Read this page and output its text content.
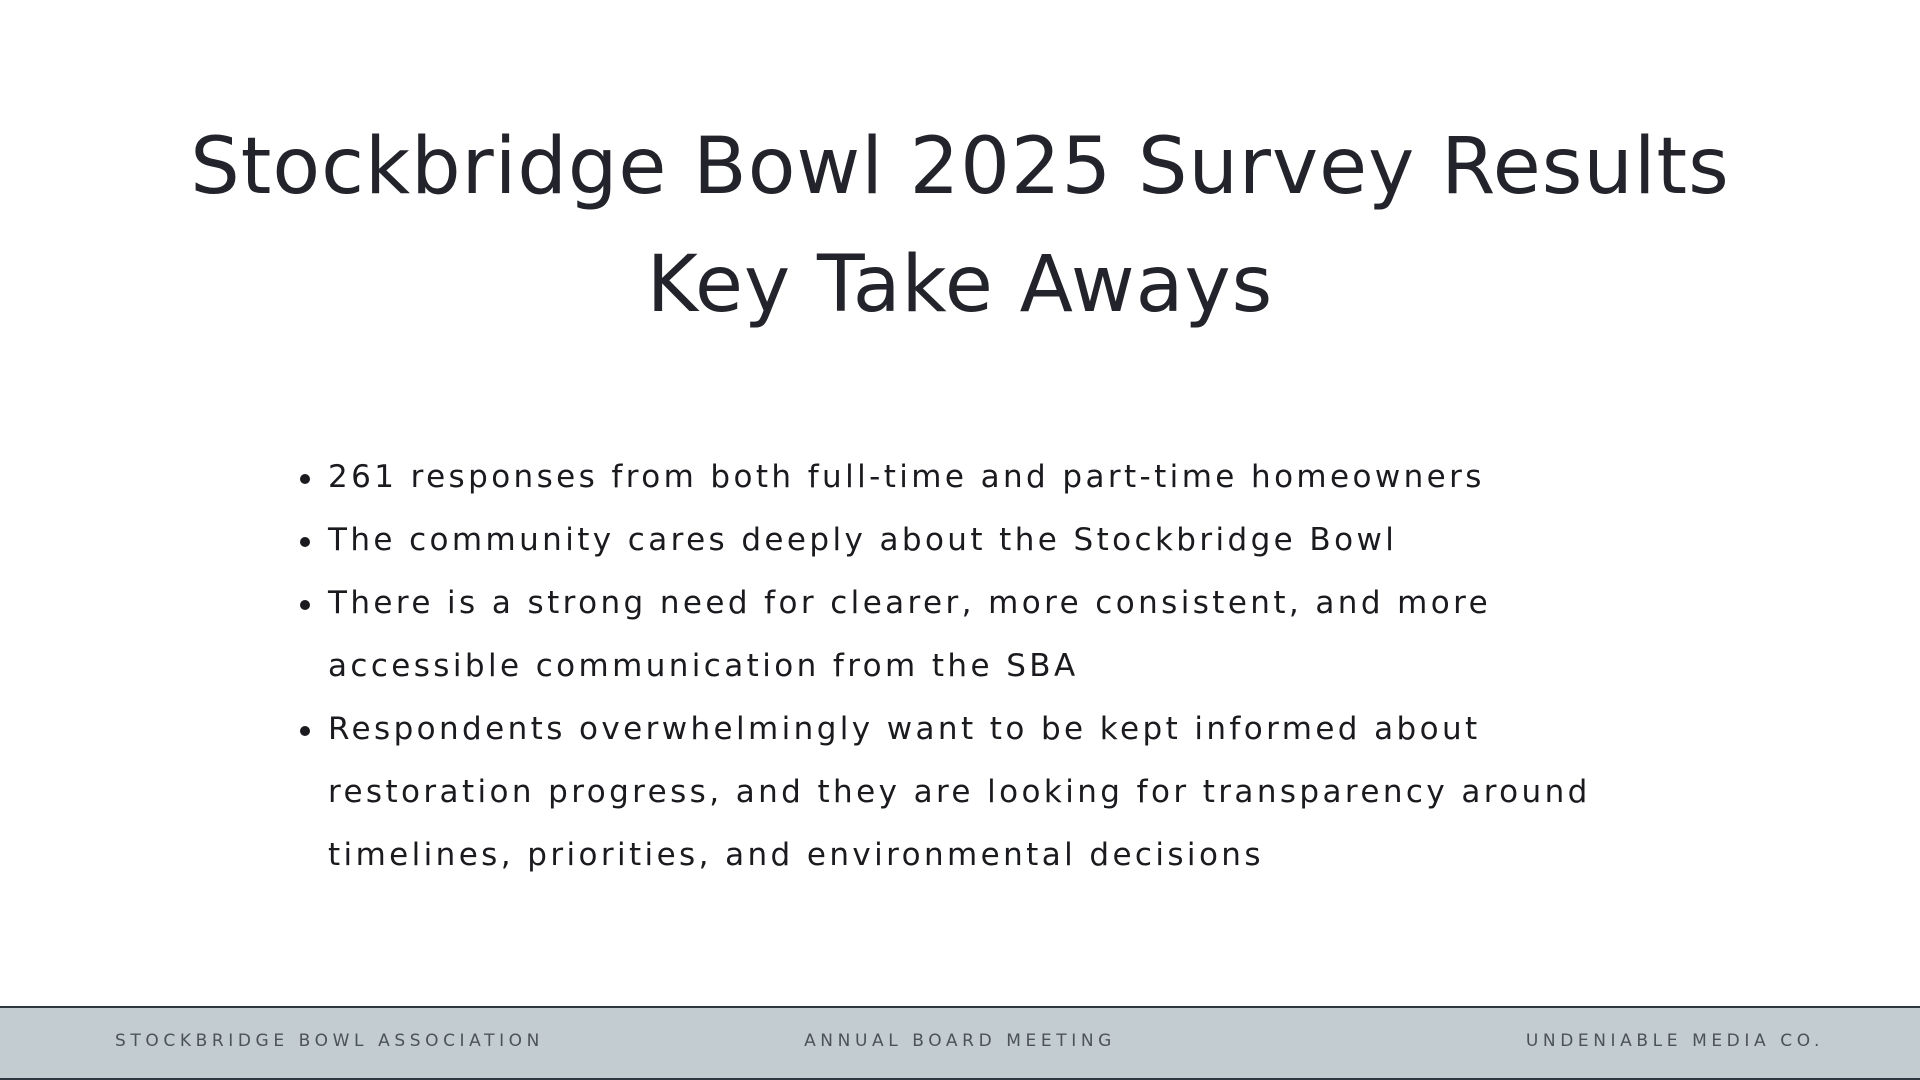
Stockbridge Bowl 2025 Survey Results
Key Take Aways
261 responses from both full-time and part-time homeowners
The community cares deeply about the Stockbridge Bowl
There is a strong need for clearer, more consistent, and more accessible communication from the SBA
Respondents overwhelmingly want to be kept informed about restoration progress, and they are looking for transparency around timelines, priorities, and environmental decisions
STOCKBRIDGE BOWL ASSOCIATION	ANNUAL BOARD MEETING	UNDENIABLE MEDIA CO.
